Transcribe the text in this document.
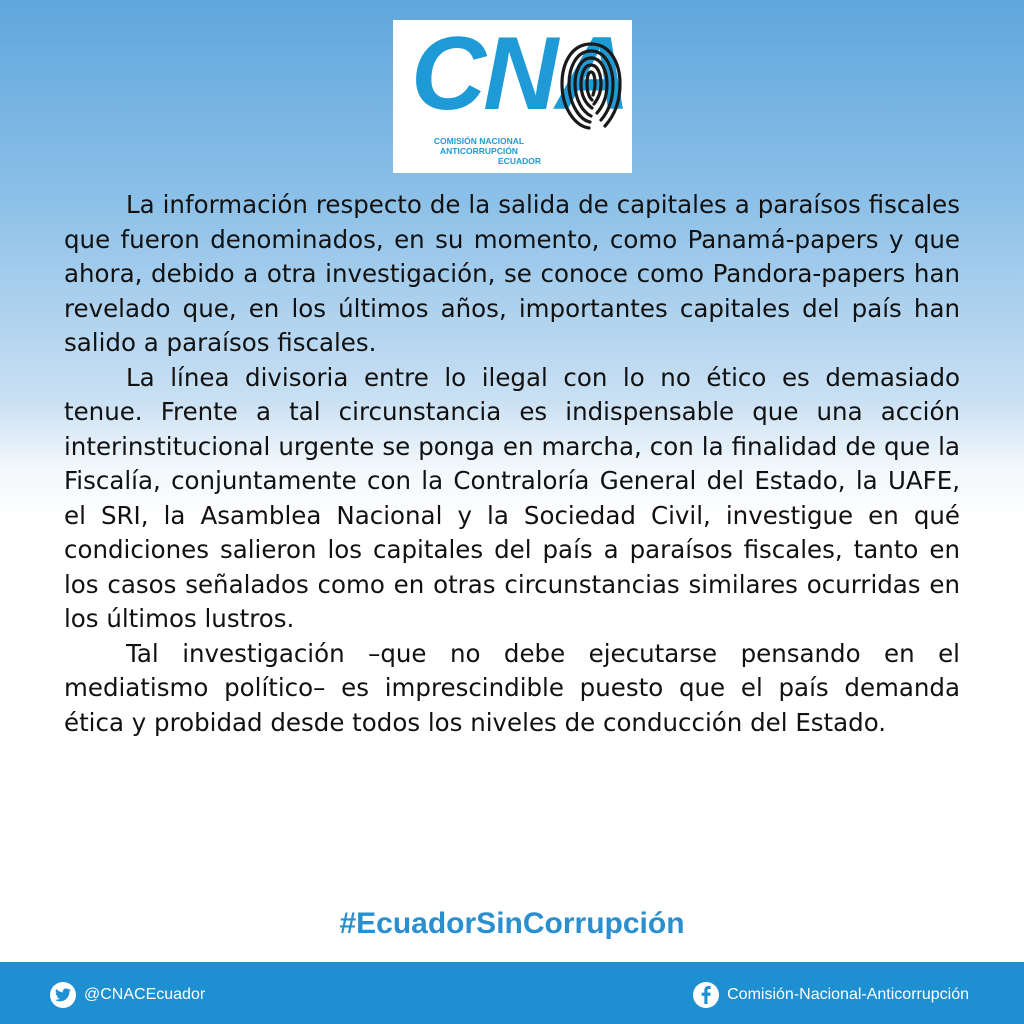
CNA
COMISIÓN NACIONAL ANTICORRUPCIÓN
ECUADOR

La información respecto de la salida de capitales a paraísos fiscales que fueron denominados, en su momento, como Panamá-papers y que ahora, debido a otra investigación, se conoce como Pandora-papers han revelado que, en los últimos años, importantes capitales del país han salido a paraísos fiscales.

La línea divisoria entre lo ilegal con lo no ético es demasiado tenue. Frente a tal circunstancia es indispensable que una acción interinstitucional urgente se ponga en marcha, con la finalidad de que la Fiscalía, conjuntamente con la Contraloría General del Estado, la UAFE, el SRI, la Asamblea Nacional y la Sociedad Civil, investigue en qué condiciones salieron los capitales del país a paraísos fiscales, tanto en los casos señalados como en otras circunstancias similares ocurridas en los últimos lustros.

Tal investigación –que no debe ejecutarse pensando en el mediatismo político– es imprescindible puesto que el país demanda ética y probidad desde todos los niveles de conducción del Estado.

#EcuadorSinCorrupción
@CNACEcuador	Comisión-Nacional-Anticorrupción
